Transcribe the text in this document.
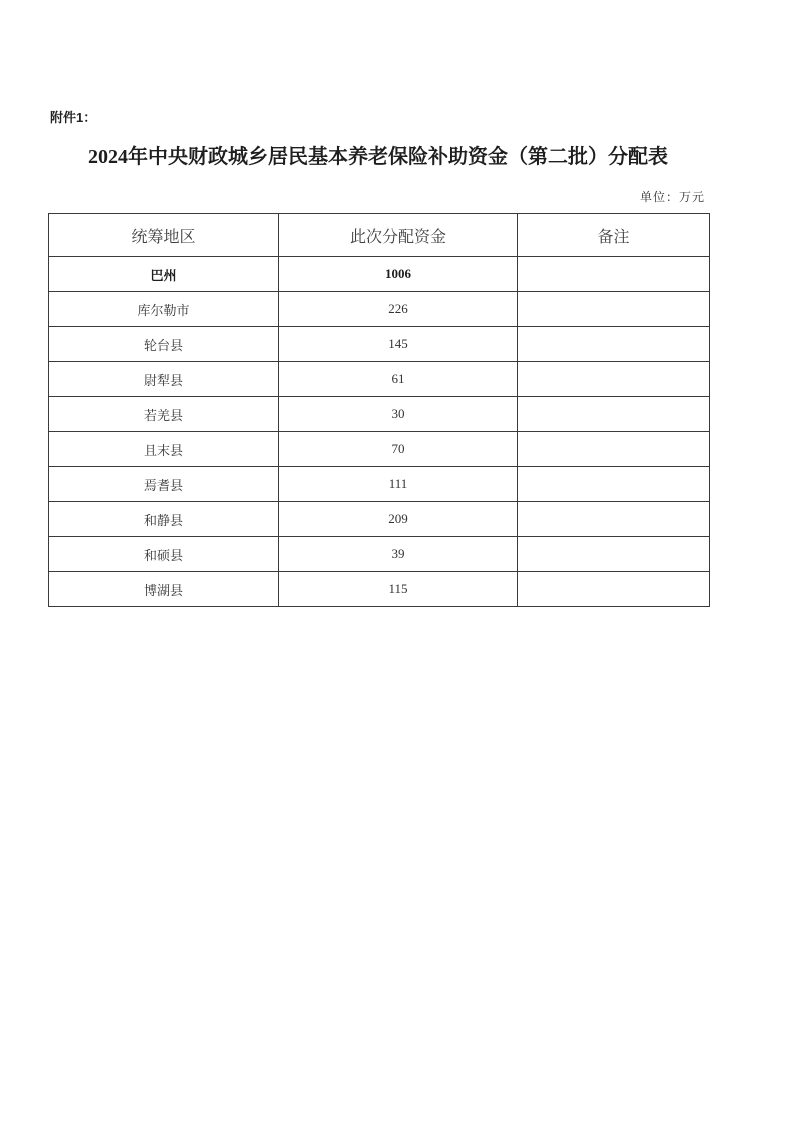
附件1：
2024年中央财政城乡居民基本养老保险补助资金（第二批）分配表
单位：万元
统筹地区	此次分配资金	备注
巴州	1006	
库尔勒市	226	
轮台县	145	
尉犁县	61	
若羌县	30	
且末县	70	
焉耆县	111	
和静县	209	
和硕县	39	
博湖县	115	
